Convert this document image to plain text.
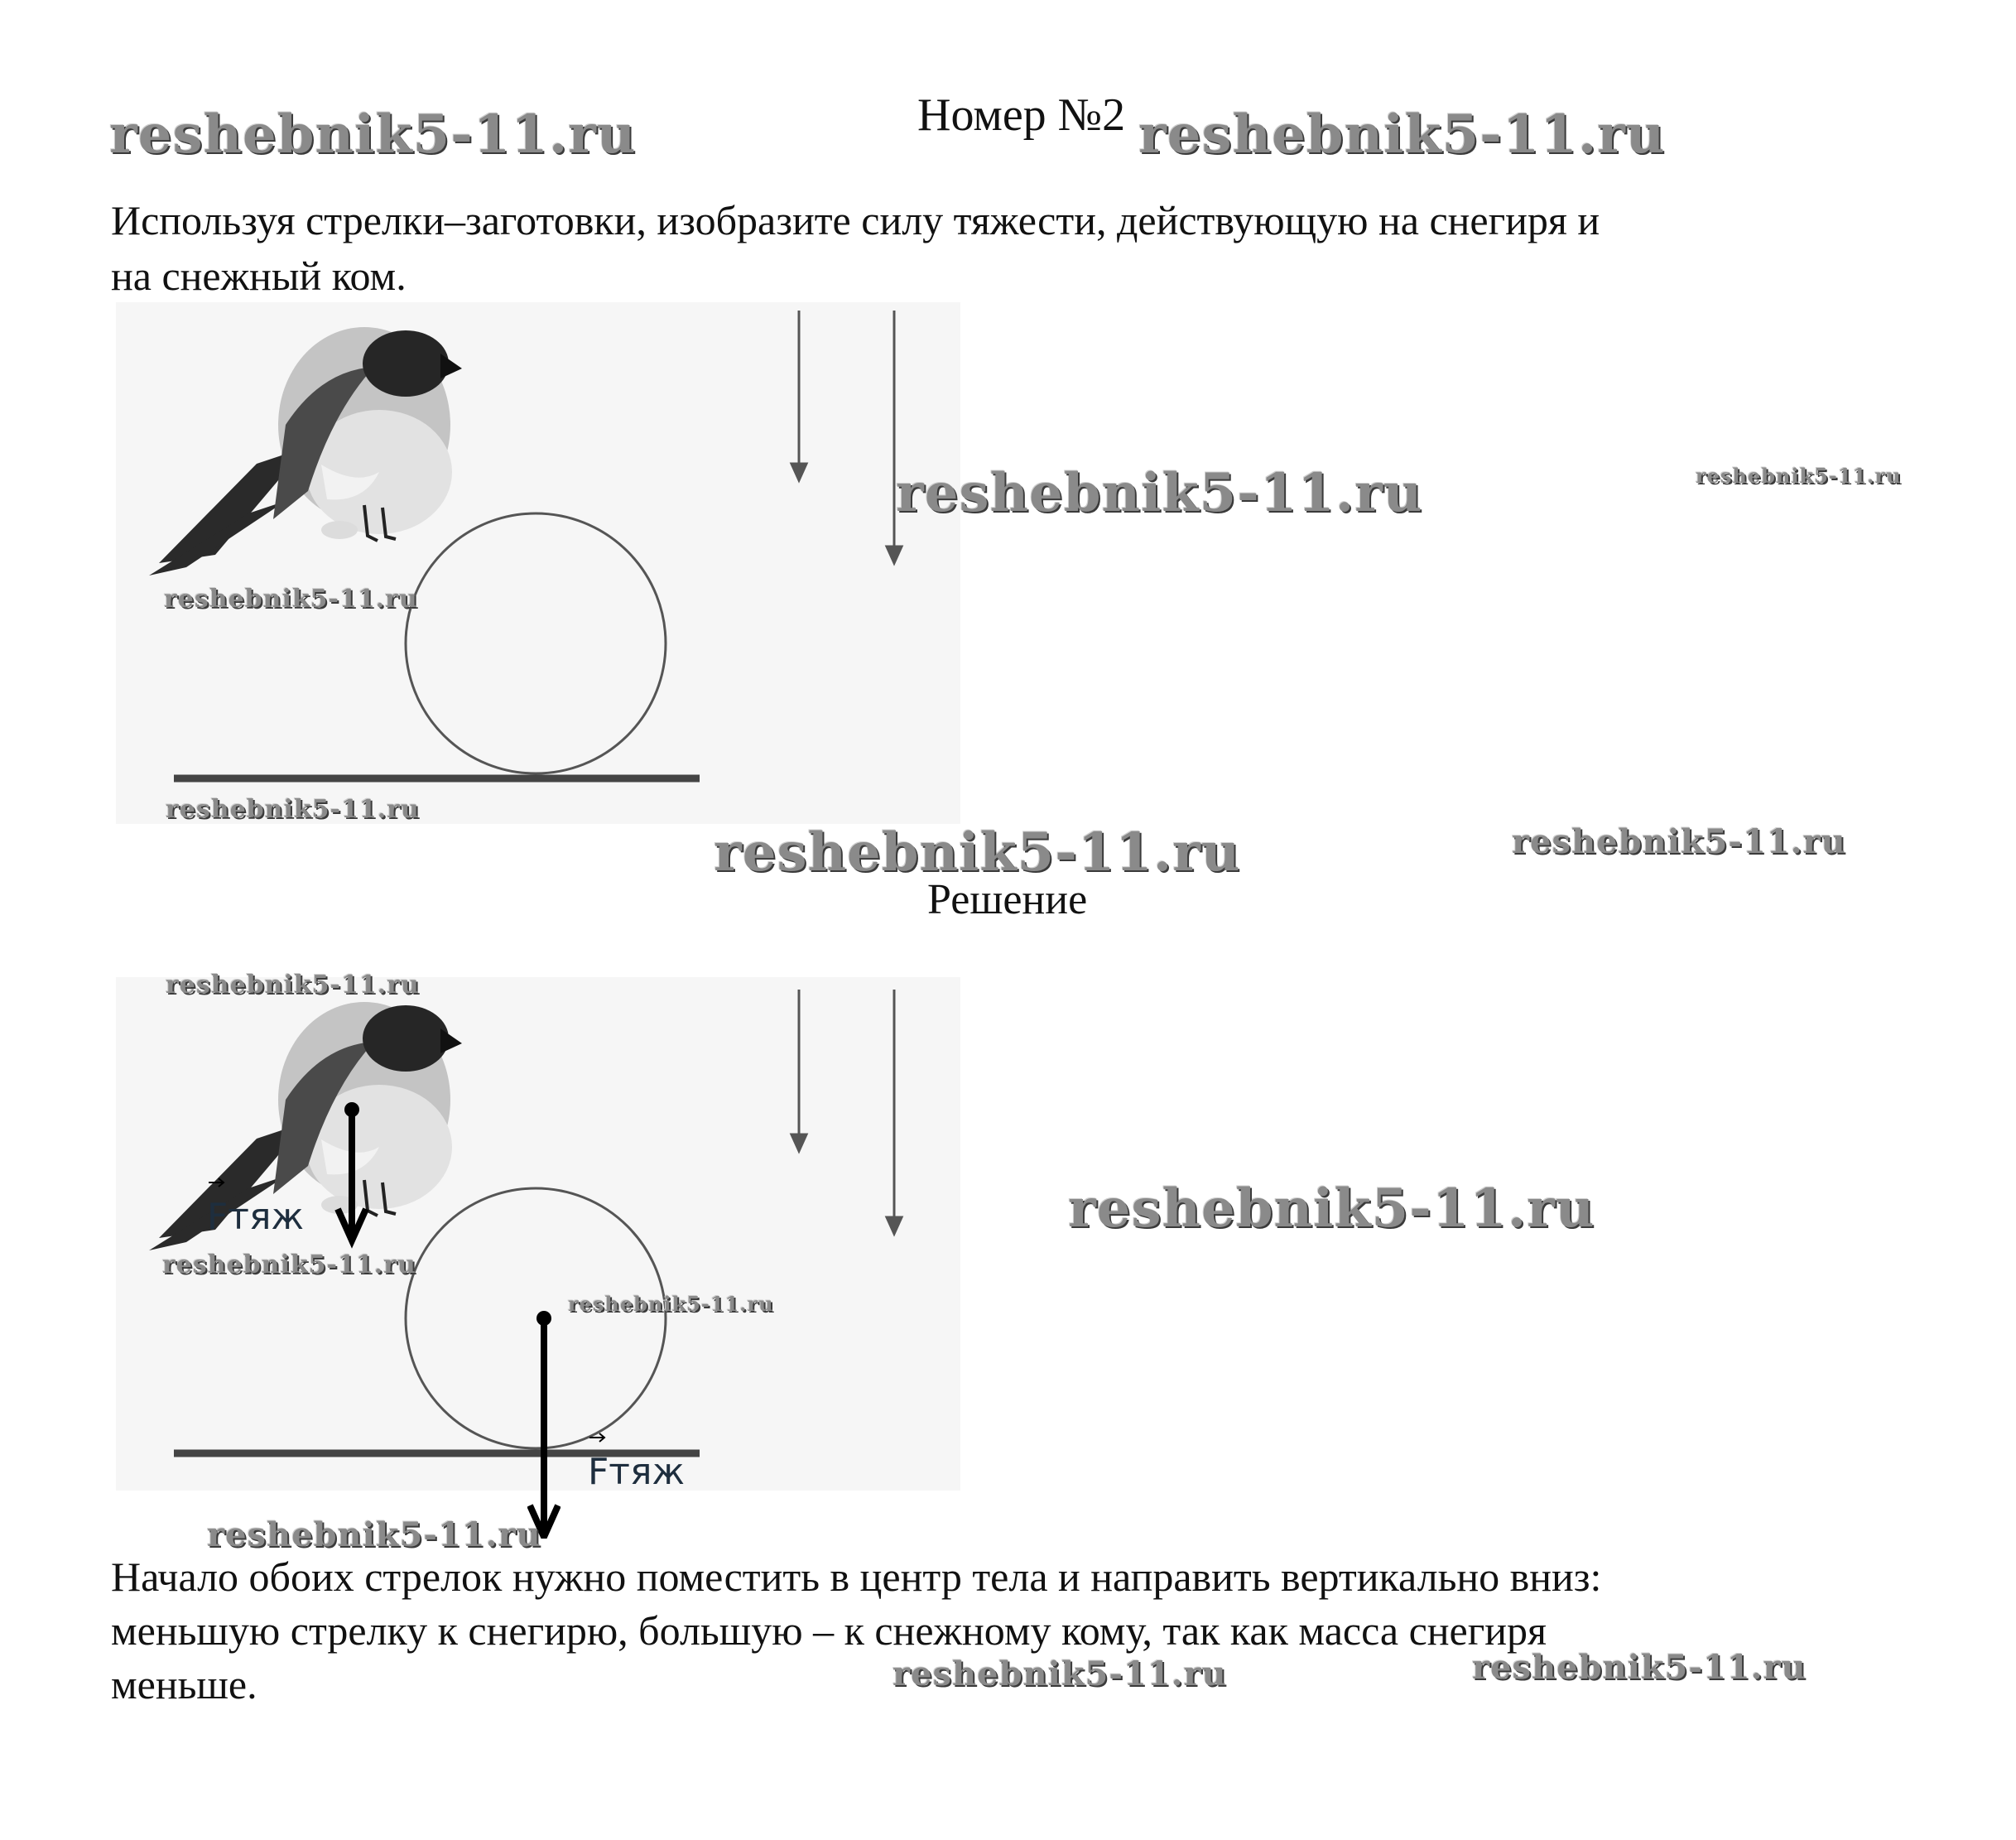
reshebnik5-11.ru	Номер №2 reshebnik5-11.ru

Используя стрелки–заготовки, изобразите силу тяжести, действующую на снегиря и

на снежный ком.

reshebnik5-11.ru	reshebnik5-11.ru

reshebnik5-11.ru

reshebnik5-11.ru

reshebnik5-11.ru	reshebnik5-11.ru

Решение

Fтяж
Fтяж

reshebnik5-11.ru

reshebnik5-11.ru

reshebnik5-11.ru

reshebnik5-11.ru

reshebnik5-11.ru

Начало обоих стрелок нужно поместить в центр тела и направить вертикально вниз:

меньшую стрелку к снегирю, большую – к снежному кому, так как масса снегиря

меньше.	reshebnik5-11.ru	reshebnik5-11.ru
